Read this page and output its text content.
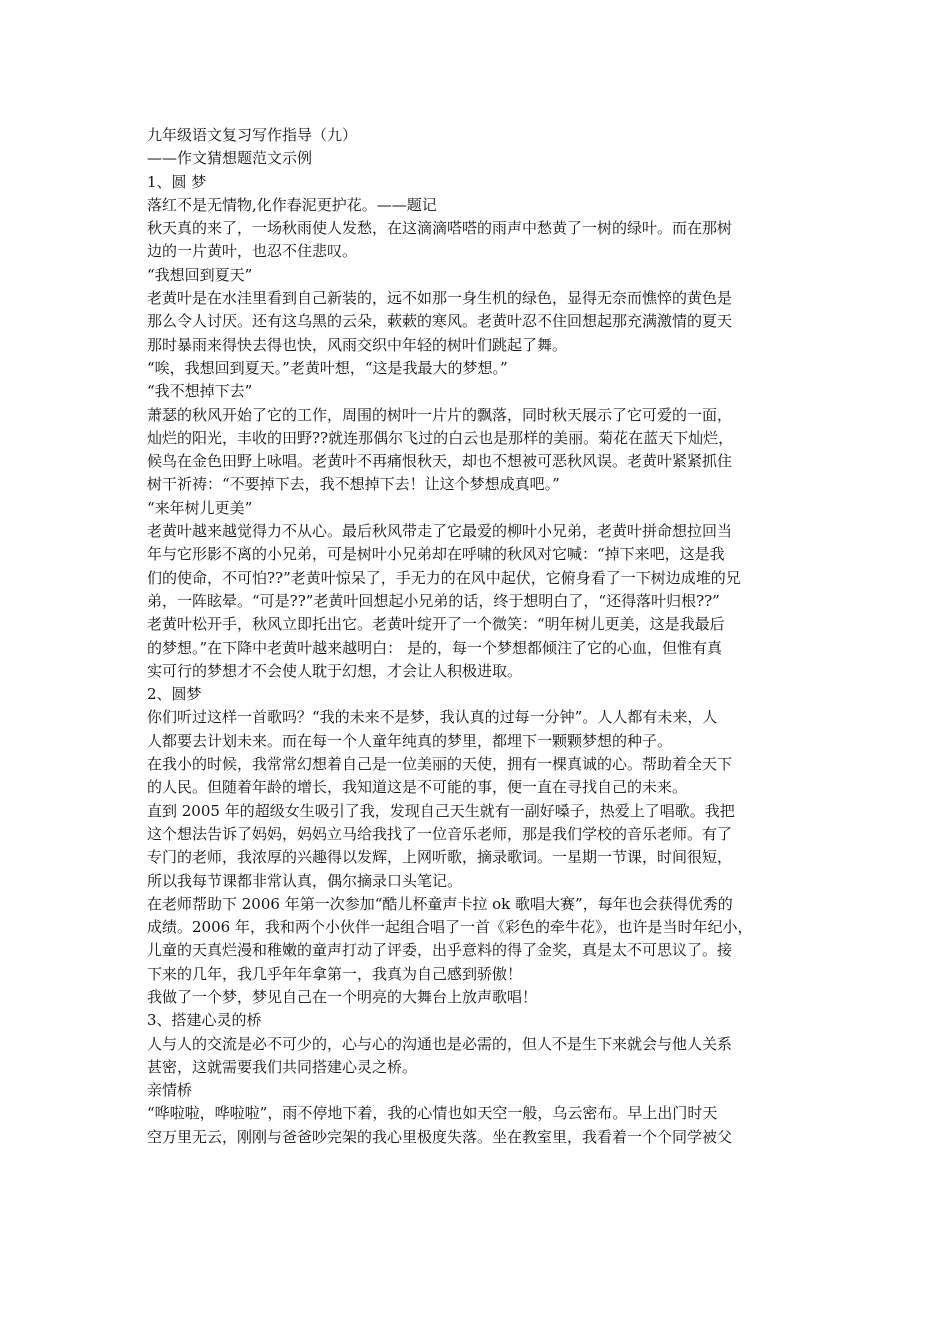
九年级语文复习写作指导（九）
——作文猜想题范文示例
1、圆 梦
落红不是无情物,化作春泥更护花。——题记
秋天真的来了，一场秋雨使人发愁，在这滴滴嗒嗒的雨声中愁黄了一树的绿叶。而在那树
边的一片黄叶，也忍不住悲叹。
“我想回到夏天”
老黄叶是在水洼里看到自己新装的，远不如那一身生机的绿色，显得无奈而憔悴的黄色是
那么令人讨厌。还有这乌黑的云朵，蔌蔌的寒风。老黄叶忍不住回想起那充满激情的夏天
那时暴雨来得快去得也快，风雨交织中年轻的树叶们跳起了舞。
“唉，我想回到夏天。”老黄叶想，“这是我最大的梦想。”
“我不想掉下去”
萧瑟的秋风开始了它的工作，周围的树叶一片片的飘落，同时秋天展示了它可爱的一面，
灿烂的阳光，丰收的田野??就连那偶尔飞过的白云也是那样的美丽。菊花在蓝天下灿烂，
候鸟在金色田野上咏唱。老黄叶不再痛恨秋天，却也不想被可恶秋风误。老黄叶紧紧抓住
树干祈祷：“不要掉下去，我不想掉下去！让这个梦想成真吧。”
“来年树儿更美”
老黄叶越来越觉得力不从心。最后秋风带走了它最爱的柳叶小兄弟，老黄叶拼命想拉回当
年与它形影不离的小兄弟，可是树叶小兄弟却在呼啸的秋风对它喊：“掉下来吧，这是我
们的使命，不可怕??”老黄叶惊呆了，手无力的在风中起伏，它俯身看了一下树边成堆的兄
弟，一阵眩晕。“可是??”老黄叶回想起小兄弟的话，终于想明白了，“还得落叶归根??”
老黄叶松开手，秋风立即托出它。老黄叶绽开了一个微笑：“明年树儿更美，这是我最后
的梦想。”在下降中老黄叶越来越明白： 是的，每一个梦想都倾注了它的心血，但惟有真
实可行的梦想才不会使人耽于幻想，才会让人积极进取。
2、圆梦
你们听过这样一首歌吗？“我的未来不是梦，我认真的过每一分钟”。人人都有未来，人
人都要去计划未来。而在每一个人童年纯真的梦里，都埋下一颗颗梦想的种子。
在我小的时候，我常常幻想着自己是一位美丽的天使，拥有一棵真诚的心。帮助着全天下
的人民。但随着年龄的增长，我知道这是不可能的事，便一直在寻找自己的未来。
直到 2005 年的超级女生吸引了我，发现自己天生就有一副好嗓子，热爱上了唱歌。我把
这个想法告诉了妈妈，妈妈立马给我找了一位音乐老师，那是我们学校的音乐老师。有了
专门的老师，我浓厚的兴趣得以发辉，上网听歌，摘录歌词。一星期一节课，时间很短，
所以我每节课都非常认真，偶尔摘录口头笔记。
在老师帮助下 2006 年第一次参加“酷儿杯童声卡拉 ok 歌唱大赛”，每年也会获得优秀的
成绩。2006 年，我和两个小伙伴一起组合唱了一首《彩色的牵牛花》，也许是当时年纪小，
儿童的天真烂漫和稚嫩的童声打动了评委，出乎意料的得了金奖，真是太不可思议了。接
下来的几年，我几乎年年拿第一，我真为自己感到骄傲！
我做了一个梦，梦见自己在一个明亮的大舞台上放声歌唱！
3、搭建心灵的桥
人与人的交流是必不可少的，心与心的沟通也是必需的，但人不是生下来就会与他人关系
甚密，这就需要我们共同搭建心灵之桥。
亲情桥
“哗啦啦，哗啦啦”，雨不停地下着，我的心情也如天空一般，乌云密布。早上出门时天
空万里无云，刚刚与爸爸吵完架的我心里极度失落。坐在教室里，我看着一个个同学被父
